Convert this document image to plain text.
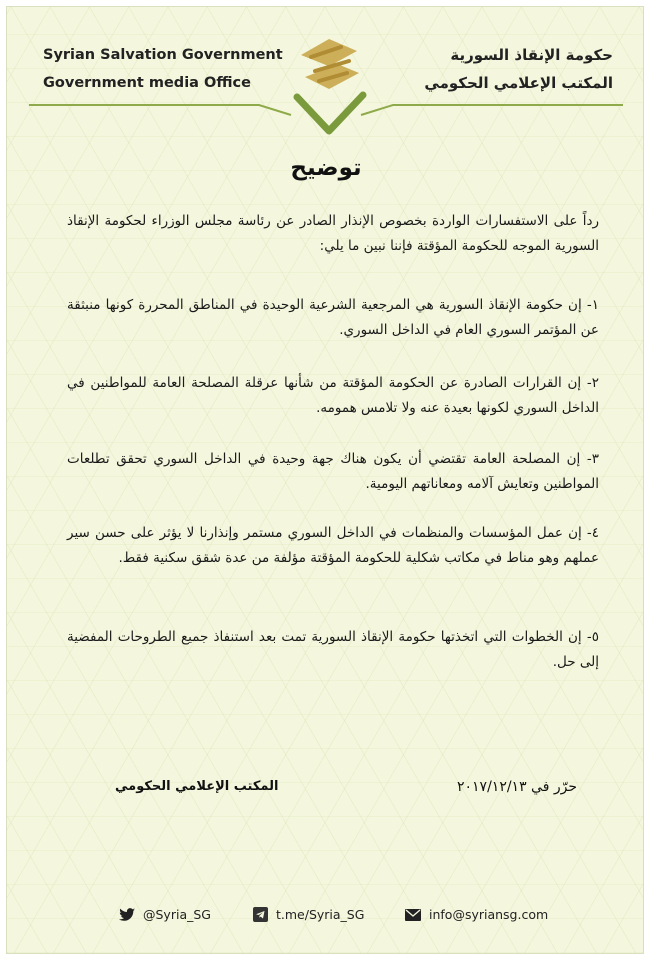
Syrian Salvation Government
Government media Office
حكومة الإنقاذ السورية
المكتب الإعلامي الحكومي
توضيح
رداً على الاستفسارات الواردة بخصوص الإنذار الصادر عن رئاسة مجلس الوزراء لحكومة الإنقاذ السورية الموجه للحكومة المؤقتة فإننا نبين ما يلي:
١- إن حكومة الإنقاذ السورية هي المرجعية الشرعية الوحيدة في المناطق المحررة كونها منبثقة عن المؤتمر السوري العام في الداخل السوري.
٢- إن القرارات الصادرة عن الحكومة المؤقتة من شأنها عرقلة المصلحة العامة للمواطنين في الداخل السوري لكونها بعيدة عنه ولا تلامس همومه.
٣- إن المصلحة العامة تقتضي أن يكون هناك جهة وحيدة في الداخل السوري تحقق تطلعات المواطنين وتعايش آلامه ومعاناتهم اليومية.
٤- إن عمل المؤسسات والمنظمات في الداخل السوري مستمر وإنذارنا لا يؤثر على حسن سير عملهم وهو مناط في مكاتب شكلية للحكومة المؤقتة مؤلفة من عدة شقق سكنية فقط.
٥- إن الخطوات التي اتخذتها حكومة الإنقاذ السورية تمت بعد استنفاذ جميع الطروحات المفضية إلى حل.
حرّر في ٢٠١٧/١٢/١٣
المكتب الإعلامي الحكومي
@Syria_SG	t.me/Syria_SG	info@syriansg.com
